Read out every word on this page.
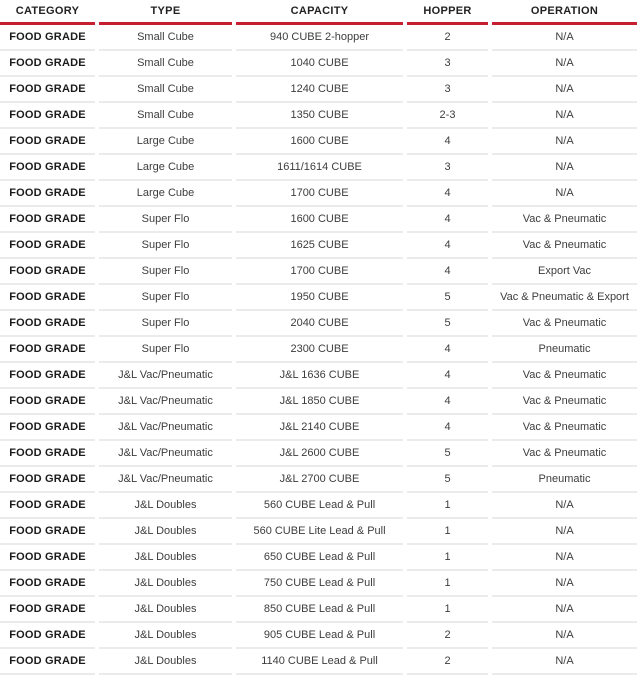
CATEGORY	TYPE	CAPACITY	HOPPER	OPERATION
FOOD GRADE	Small Cube	940 CUBE 2-hopper	2	N/A
FOOD GRADE	Small Cube	1040 CUBE	3	N/A
FOOD GRADE	Small Cube	1240 CUBE	3	N/A
FOOD GRADE	Small Cube	1350 CUBE	2-3	N/A
FOOD GRADE	Large Cube	1600 CUBE	4	N/A
FOOD GRADE	Large Cube	1611/1614 CUBE	3	N/A
FOOD GRADE	Large Cube	1700 CUBE	4	N/A
FOOD GRADE	Super Flo	1600 CUBE	4	Vac & Pneumatic
FOOD GRADE	Super Flo	1625 CUBE	4	Vac & Pneumatic
FOOD GRADE	Super Flo	1700 CUBE	4	Export Vac
FOOD GRADE	Super Flo	1950 CUBE	5	Vac & Pneumatic & Export
FOOD GRADE	Super Flo	2040 CUBE	5	Vac & Pneumatic
FOOD GRADE	Super Flo	2300 CUBE	4	Pneumatic
FOOD GRADE	J&L Vac/Pneumatic	J&L 1636 CUBE	4	Vac & Pneumatic
FOOD GRADE	J&L Vac/Pneumatic	J&L 1850 CUBE	4	Vac & Pneumatic
FOOD GRADE	J&L Vac/Pneumatic	J&L 2140 CUBE	4	Vac & Pneumatic
FOOD GRADE	J&L Vac/Pneumatic	J&L 2600 CUBE	5	Vac & Pneumatic
FOOD GRADE	J&L Vac/Pneumatic	J&L 2700 CUBE	5	Pneumatic
FOOD GRADE	J&L Doubles	560 CUBE Lead & Pull	1	N/A
FOOD GRADE	J&L Doubles	560 CUBE Lite Lead & Pull	1	N/A
FOOD GRADE	J&L Doubles	650 CUBE Lead & Pull	1	N/A
FOOD GRADE	J&L Doubles	750 CUBE Lead & Pull	1	N/A
FOOD GRADE	J&L Doubles	850 CUBE Lead & Pull	1	N/A
FOOD GRADE	J&L Doubles	905 CUBE Lead & Pull	2	N/A
FOOD GRADE	J&L Doubles	1140 CUBE Lead & Pull	2	N/A
